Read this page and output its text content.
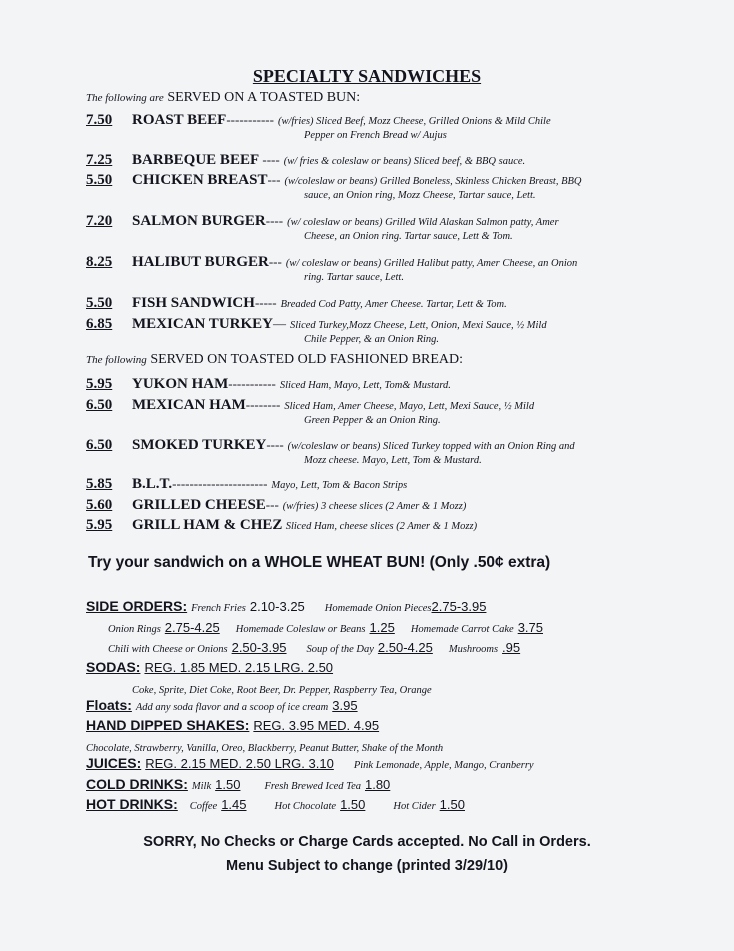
SPECIALTY SANDWICHES
The following are SERVED ON A TOASTED BUN:
7.50 ROAST BEEF----------- (w/fries) Sliced Beef, Mozz Cheese, Grilled Onions & Mild Chile
Pepper on French Bread w/ Aujus
7.25 BARBEQUE BEEF ---- (w/ fries & coleslaw or beans) Sliced beef, & BBQ sauce.
5.50 CHICKEN BREAST--- (w/coleslaw or beans) Grilled Boneless, Skinless Chicken Breast, BBQ
sauce, an Onion ring, Mozz Cheese, Tartar sauce, Lett.
7.20 SALMON BURGER---- (w/ coleslaw or beans) Grilled Wild Alaskan Salmon patty, Amer
Cheese, an Onion ring. Tartar sauce, Lett & Tom.
8.25 HALIBUT BURGER--- (w/ coleslaw or beans) Grilled Halibut patty, Amer Cheese, an Onion
ring. Tartar sauce, Lett.
5.50 FISH SANDWICH----- Breaded Cod Patty, Amer Cheese. Tartar, Lett & Tom.
6.85 MEXICAN TURKEY— Sliced Turkey,Mozz Cheese, Lett, Onion, Mexi Sauce, ½ Mild
Chile Pepper, & an Onion Ring.
The following SERVED ON TOASTED OLD FASHIONED BREAD:
5.95 YUKON HAM----------- Sliced Ham, Mayo, Lett, Tom& Mustard.
6.50 MEXICAN HAM-------- Sliced Ham, Amer Cheese, Mayo, Lett, Mexi Sauce, ½ Mild
Green Pepper & an Onion Ring.
6.50 SMOKED TURKEY---- (w/coleslaw or beans) Sliced Turkey topped with an Onion Ring and
Mozz cheese. Mayo, Lett, Tom & Mustard.
5.85 B.L.T.---------------------- Mayo, Lett, Tom & Bacon Strips
5.60 GRILLED CHEESE--- (w/fries) 3 cheese slices (2 Amer & 1 Mozz)
5.95 GRILL HAM & CHEZ Sliced Ham, cheese slices (2 Amer & 1 Mozz)
Try your sandwich on a WHOLE WHEAT BUN! (Only .50¢ extra)
SIDE ORDERS: French Fries 2.10-3.25 Homemade Onion Pieces2.75-3.95
Onion Rings 2.75-4.25 Homemade Coleslaw or Beans 1.25 Homemade Carrot Cake 3.75
Chili with Cheese or Onions 2.50-3.95 Soup of the Day 2.50-4.25 Mushrooms .95
SODAS: REG. 1.85 MED. 2.15 LRG. 2.50
Coke, Sprite, Diet Coke, Root Beer, Dr. Pepper, Raspberry Tea, Orange
Floats: Add any soda flavor and a scoop of ice cream 3.95
HAND DIPPED SHAKES: REG. 3.95 MED. 4.95
Chocolate, Strawberry, Vanilla, Oreo, Blackberry, Peanut Butter, Shake of the Month
JUICES: REG. 2.15 MED. 2.50 LRG. 3.10 Pink Lemonade, Apple, Mango, Cranberry
COLD DRINKS: Milk 1.50 Fresh Brewed Iced Tea 1.80
HOT DRINKS: Coffee 1.45	Hot Chocolate 1.50	Hot Cider 1.50
SORRY, No Checks or Charge Cards accepted. No Call in Orders.
Menu Subject to change (printed 3/29/10)
